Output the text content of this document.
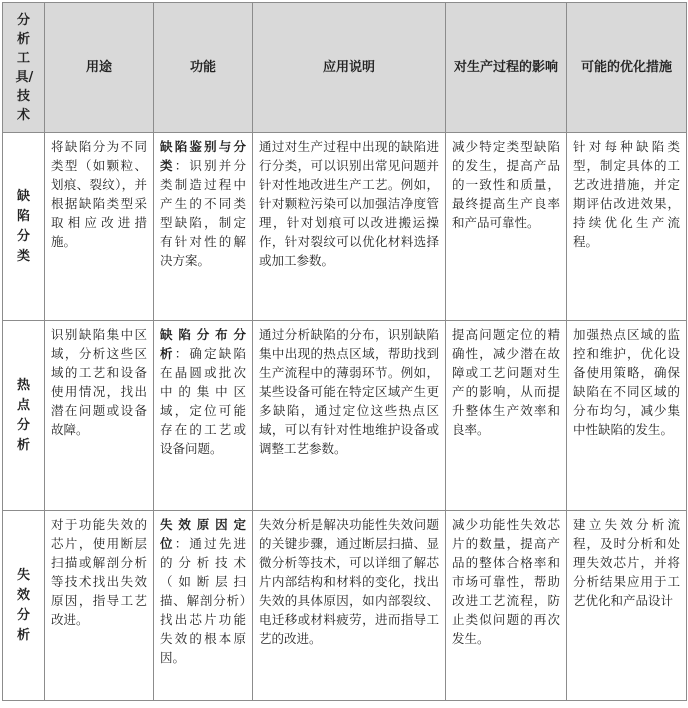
分析工具/技术	用途	功能	应用说明	对生产过程的影响	可能的优化措施
缺陷分类	将缺陷分为不同类型（如颗粒、划痕、裂纹），并根据缺陷类型采取相应改进措施。	缺陷鉴别与分类：识别并分类制造过程中产生的不同类型缺陷，制定有针对性的解决方案。	通过对生产过程中出现的缺陷进行分类，可以识别出常见问题并针对性地改进生产工艺。例如，针对颗粒污染可以加强洁净度管理，针对划痕可以改进搬运操作，针对裂纹可以优化材料选择或加工参数。	减少特定类型缺陷的发生，提高产品的一致性和质量，最终提高生产良率和产品可靠性。	针对每种缺陷类型，制定具体的工艺改进措施，并定期评估改进效果，持续优化生产流程。
热点分析	识别缺陷集中区域，分析这些区域的工艺和设备使用情况，找出潜在问题或设备故障。	缺陷分布分析：确定缺陷在晶圆或批次中的集中区域，定位可能存在的工艺或设备问题。	通过分析缺陷的分布，识别缺陷集中出现的热点区域，帮助找到生产流程中的薄弱环节。例如，某些设备可能在特定区域产生更多缺陷，通过定位这些热点区域，可以有针对性地维护设备或调整工艺参数。	提高问题定位的精确性，减少潜在故障或工艺问题对生产的影响，从而提升整体生产效率和良率。	加强热点区域的监控和维护，优化设备使用策略，确保缺陷在不同区域的分布均匀，减少集中性缺陷的发生。
失效分析	对于功能失效的芯片，使用断层扫描或解剖分析等技术找出失效原因，指导工艺改进。	失效原因定位：通过先进的分析技术（如断层扫描、解剖分析）找出芯片功能失效的根本原因。	失效分析是解决功能性失效问题的关键步骤，通过断层扫描、显微分析等技术，可以详细了解芯片内部结构和材料的变化，找出失效的具体原因，如内部裂纹、电迁移或材料疲劳，进而指导工艺的改进。	减少功能性失效芯片的数量，提高产品的整体合格率和市场可靠性，帮助改进工艺流程，防止类似问题的再次发生。	建立失效分析流程，及时分析和处理失效芯片，并将分析结果应用于工艺优化和产品设计
